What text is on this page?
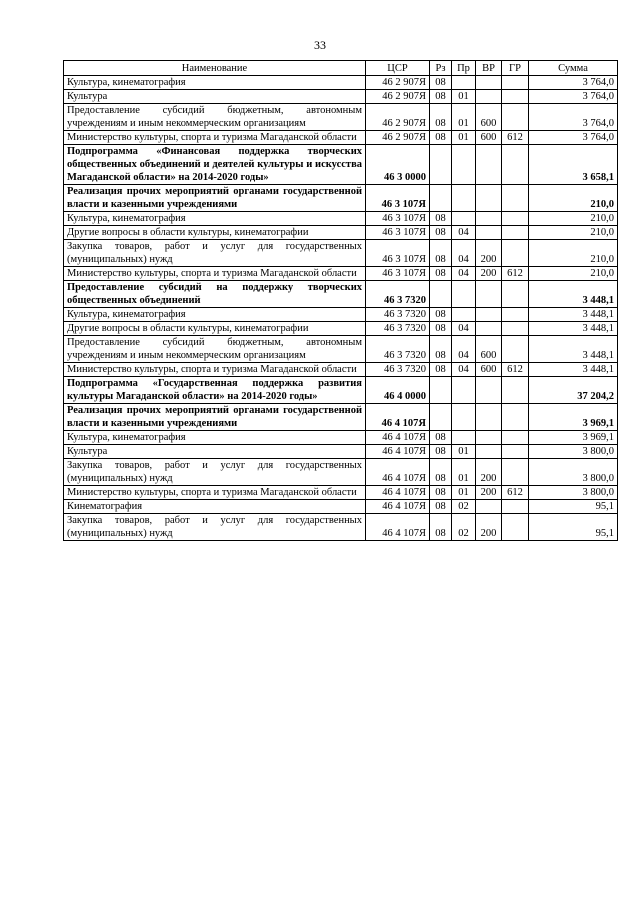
33
Наименование	ЦСР	Рз	Пр	ВР	ГР	Сумма
Культура, кинематография	46 2 907Я	08				3 764,0
Культура	46 2 907Я	08	01			3 764,0
Предоставление субсидий бюджетным, автономным учреждениям и иным некоммерческим организациям	46 2 907Я	08	01	600		3 764,0
Министерство культуры, спорта и туризма Магаданской области	46 2 907Я	08	01	600	612	3 764,0
Подпрограмма «Финансовая поддержка творческих общественных объединений и деятелей культуры и искусства Магаданской области» на 2014-2020 годы»	46 3 0000					3 658,1
Реализация прочих мероприятий органами государственной власти и казенными учреждениями	46 3 107Я					210,0
Культура, кинематография	46 3 107Я	08				210,0
Другие вопросы в области культуры, кинематографии	46 3 107Я	08	04			210,0
Закупка товаров, работ и услуг для государственных (муниципальных) нужд	46 3 107Я	08	04	200		210,0
Министерство культуры, спорта и туризма Магаданской области	46 3 107Я	08	04	200	612	210,0
Предоставление субсидий на поддержку творческих общественных объединений	46 3 7320					3 448,1
Культура, кинематография	46 3 7320	08				3 448,1
Другие вопросы в области культуры, кинематографии	46 3 7320	08	04			3 448,1
Предоставление субсидий бюджетным, автономным учреждениям и иным некоммерческим организациям	46 3 7320	08	04	600		3 448,1
Министерство культуры, спорта и туризма Магаданской области	46 3 7320	08	04	600	612	3 448,1
Подпрограмма «Государственная поддержка развития культуры Магаданской области» на 2014-2020 годы»	46 4 0000					37 204,2
Реализация прочих мероприятий органами государственной власти и казенными учреждениями	46 4 107Я					3 969,1
Культура, кинематография	46 4 107Я	08				3 969,1
Культура	46 4 107Я	08	01			3 800,0
Закупка товаров, работ и услуг для государственных (муниципальных) нужд	46 4 107Я	08	01	200		3 800,0
Министерство культуры, спорта и туризма Магаданской области	46 4 107Я	08	01	200	612	3 800,0
Кинематография	46 4 107Я	08	02			95,1
Закупка товаров, работ и услуг для государственных (муниципальных) нужд	46 4 107Я	08	02	200		95,1
